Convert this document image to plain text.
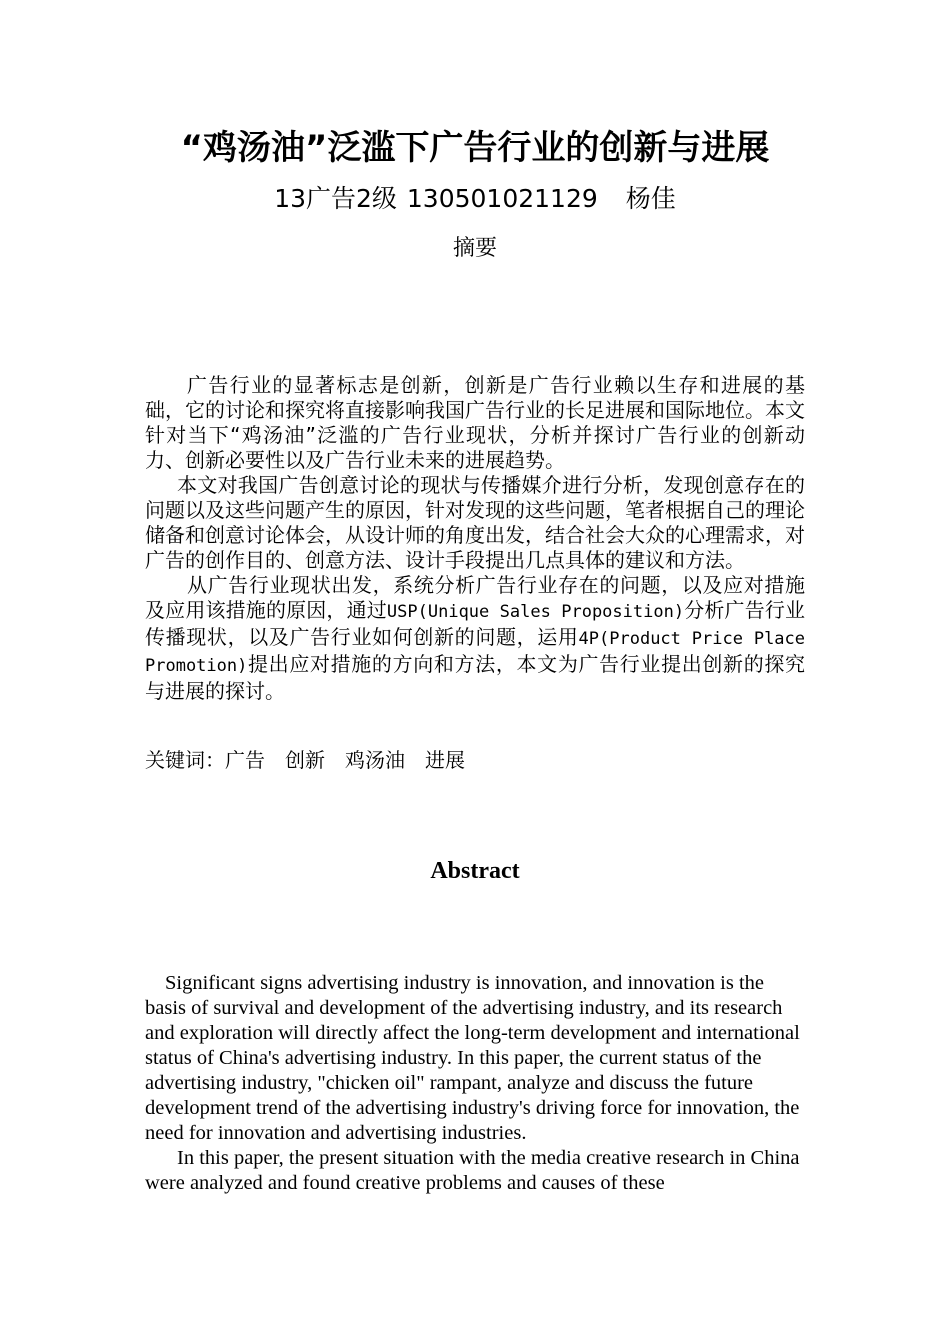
“鸡汤油”泛滥下广告行业的创新与进展
13广告2级 130501021129 杨佳
摘要

广告行业的显著标志是创新，创新是广告行业赖以生存和进展的基础，它的讨论和探究将直接影响我国广告行业的长足进展和国际地位。本文针对当下“鸡汤油”泛滥的广告行业现状，分析并探讨广告行业的创新动力、创新必要性以及广告行业未来的进展趋势。

本文对我国广告创意讨论的现状与传播媒介进行分析，发现创意存在的问题以及这些问题产生的原因，针对发现的这些问题，笔者根据自己的理论储备和创意讨论体会，从设计师的角度出发，结合社会大众的心理需求，对广告的创作目的、创意方法、设计手段提出几点具体的建议和方法。

从广告行业现状出发，系统分析广告行业存在的问题，以及应对措施及应用该措施的原因，通过USP(Unique Sales Proposition)分析广告行业传播现状，以及广告行业如何创新的问题，运用4P(Product Price Place Promotion)提出应对措施的方向和方法，本文为广告行业提出创新的探究与进展的探讨。

关键词：广告 创新 鸡汤油 进展
Abstract

Significant signs advertising industry is innovation, and innovation is the basis of survival and development of the advertising industry, and its research and exploration will directly affect the long-term development and international status of China's advertising industry. In this paper, the current status of the advertising industry, "chicken oil" rampant, analyze and discuss the future development trend of the advertising industry's driving force for innovation, the need for innovation and advertising industries.

In this paper, the present situation with the media creative research in China were analyzed and found creative problems and causes of these
